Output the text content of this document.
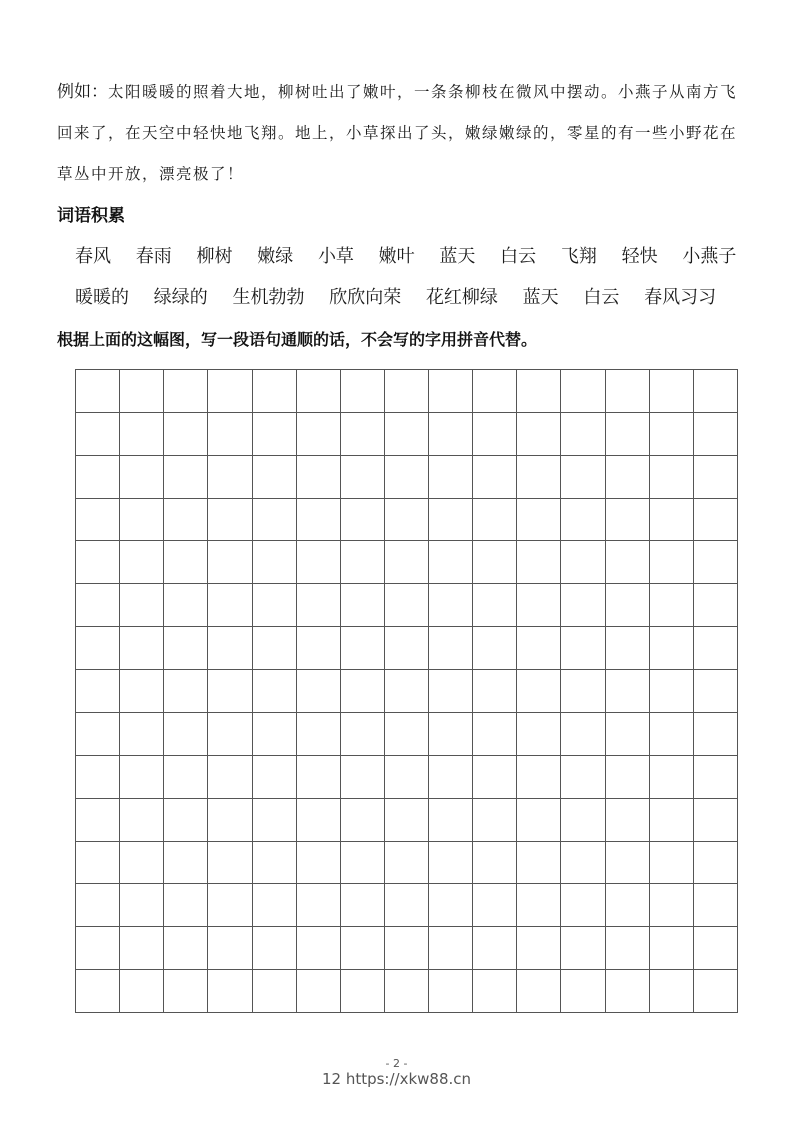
例如：太阳暖暖的照着大地，柳树吐出了嫩叶，一条条柳枝在微风中摆动。小燕子从南方飞回来了，在天空中轻快地飞翔。地上，小草探出了头，嫩绿嫩绿的，零星的有一些小野花在草丛中开放，漂亮极了！
词语积累
春风 春雨 柳树 嫩绿 小草 嫩叶 蓝天 白云 飞翔 轻快 小燕子
暖暖的 绿绿的 生机勃勃 欣欣向荣 花红柳绿 蓝天 白云 春风习习
根据上面的这幅图，写一段语句通顺的话，不会写的字用拼音代替。
- 2 -
12 https://xkw88.cn
